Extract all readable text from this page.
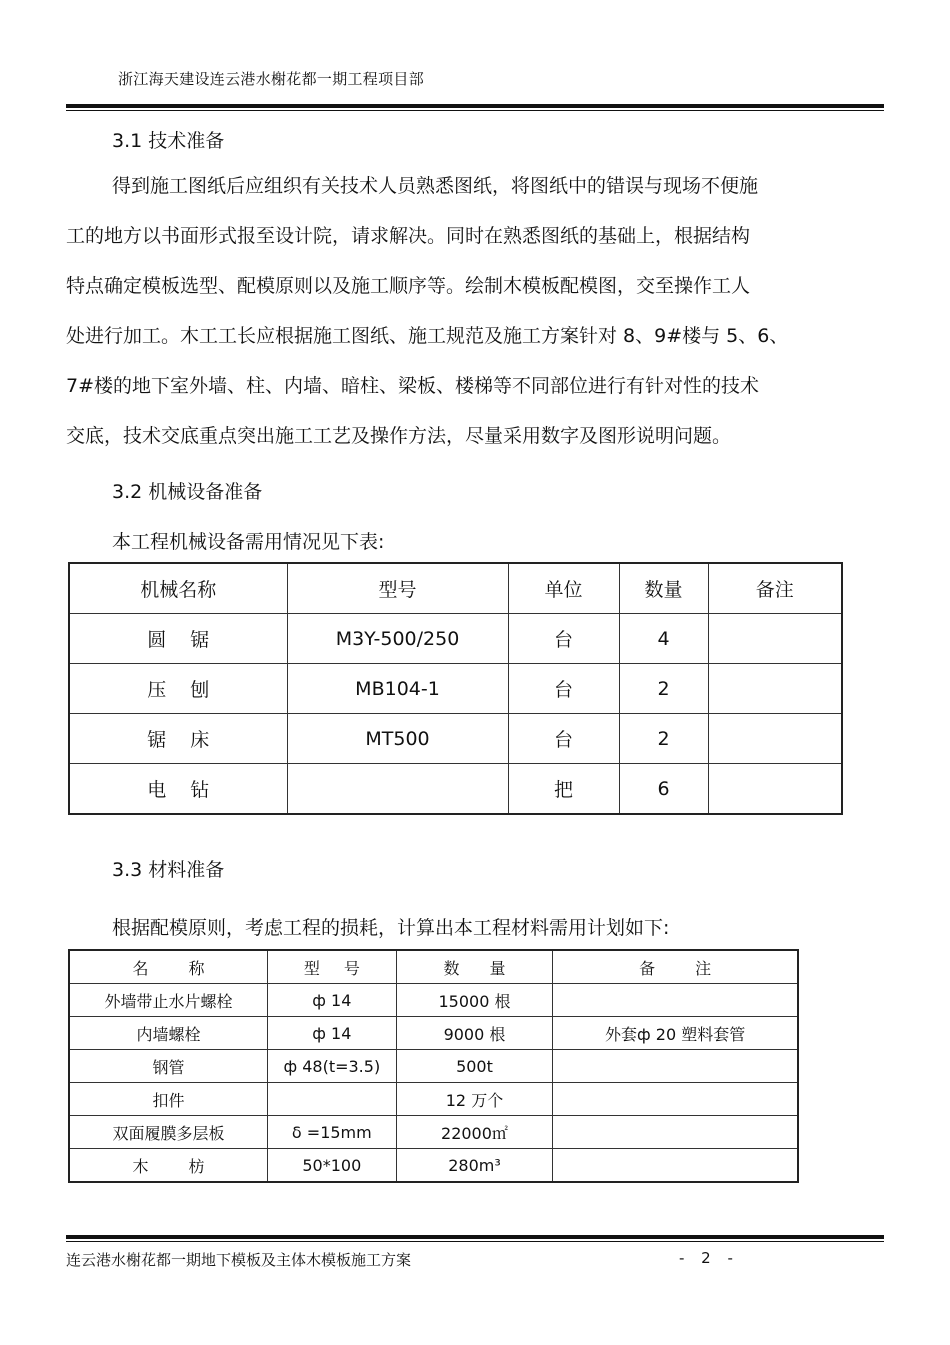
浙江海天建设连云港水榭花都一期工程项目部
3.1 技术准备
得到施工图纸后应组织有关技术人员熟悉图纸，将图纸中的错误与现场不便施
工的地方以书面形式报至设计院，请求解决。同时在熟悉图纸的基础上，根据结构
特点确定模板选型、配模原则以及施工顺序等。绘制木模板配模图，交至操作工人
处进行加工。木工工长应根据施工图纸、施工规范及施工方案针对 8、9#楼与 5、6、
7#楼的地下室外墙、柱、内墙、暗柱、梁板、楼梯等不同部位进行有针对性的技术
交底，技术交底重点突出施工工艺及操作方法，尽量采用数字及图形说明问题。
3.2 机械设备准备
本工程机械设备需用情况见下表:
机械名称	型号	单位	数量	备注
圆锯	M3Y-500/250	台	4	
压刨	MB104-1	台	2	
锯床	MT500	台	2	
电钻		把	6	
3.3 材料准备
根据配模原则，考虑工程的损耗，计算出本工程材料需用计划如下:
名称	型号	数量	备注
外墙带止水片螺栓	ф 14	15000 根	
内墙螺栓	ф 14	9000 根	外套ф 20 塑料套管
钢管	ф 48(t=3.5)	500t	
扣件		12 万个	
双面履膜多层板	δ =15mm	22000㎡	
木枋	50*100	280m³	
连云港水榭花都一期地下模板及主体木模板施工方案	- 2 -
